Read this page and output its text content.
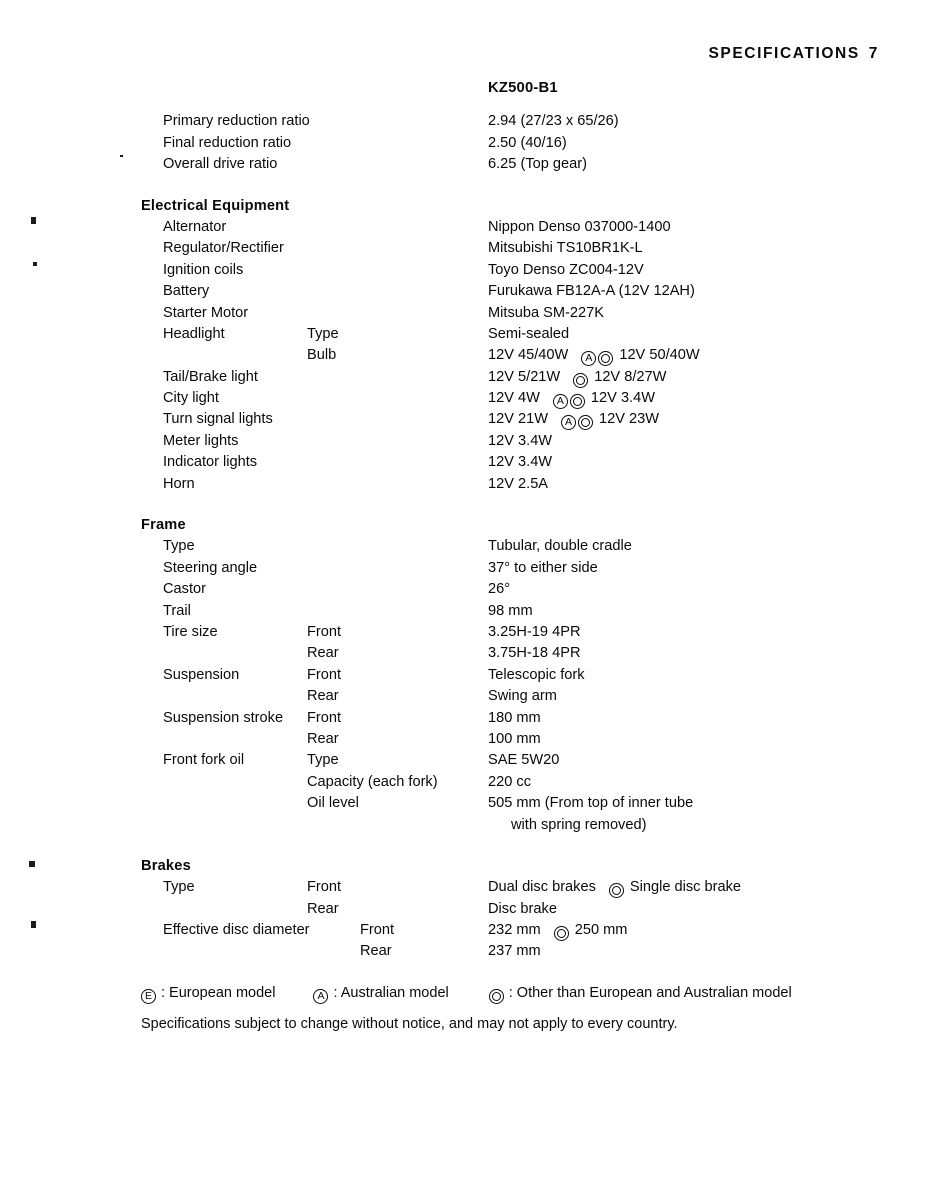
SPECIFICATIONS 7
KZ500-B1
Primary reduction ratio	2.94 (27/23 x 65/26)
Final reduction ratio	2.50 (40/16)
Overall drive ratio	6.25 (Top gear)
Electrical Equipment
Alternator	Nippon Denso 037000-1400
Regulator/Rectifier	Mitsubishi TS10BR1K-L
Ignition coils	Toyo Denso ZC004-12V
Battery	Furukawa FB12A-A (12V 12AH)
Starter Motor	Mitsuba SM-227K
Headlight	Type	Semi-sealed
Bulb	12V 45/40W A 12V 50/40W
Tail/Brake light	12V 5/21W 12V 8/27W
City light	12V 4W A 12V 3.4W
Turn signal lights	12V 21W A 12V 23W
Meter lights	12V 3.4W
Indicator lights	12V 3.4W
Horn	12V 2.5A
Frame
Type	Tubular, double cradle
Steering angle	37° to either side
Castor	26°
Trail	98 mm
Tire size	Front	3.25H-19 4PR
Rear	3.75H-18 4PR
Suspension	Front	Telescopic fork
Rear	Swing arm
Suspension stroke Front	180 mm
Rear	100 mm
Front fork oil	Type	SAE 5W20
Capacity (each fork)	220 cc
Oil level	505 mm (From top of inner tube
with spring removed)
Brakes
Type	Front	Dual disc brakes Single disc brake
Rear	Disc brake
Effective disc diameter	Front	232 mm 250 mm
Rear	237 mm
E : European model	A : Australian model	: Other than European and Australian model
Specifications subject to change without notice, and may not apply to every country.
